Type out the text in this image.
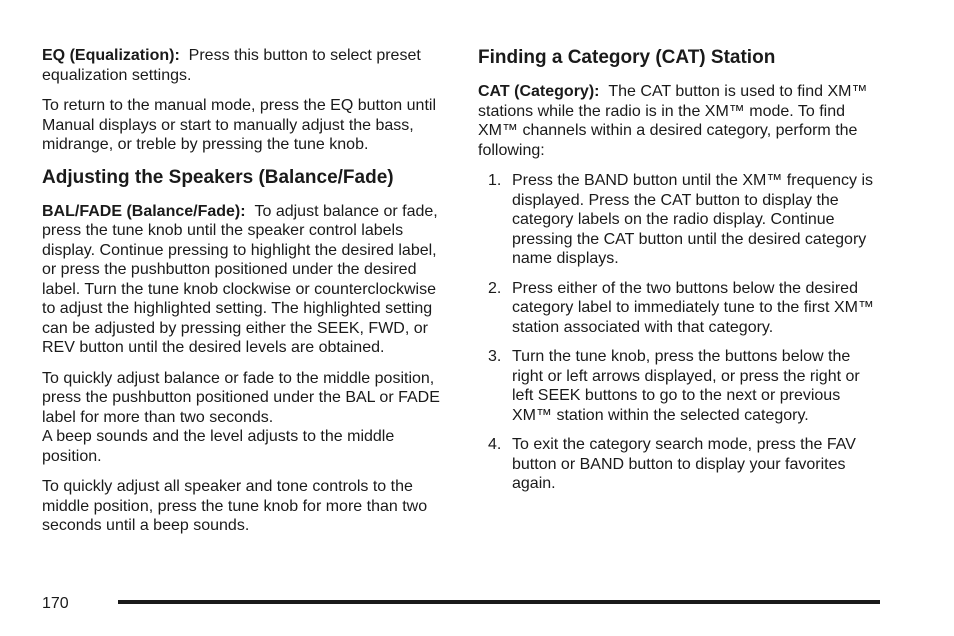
EQ (Equalization): Press this button to select preset equalization settings.

To return to the manual mode, press the EQ button until Manual displays or start to manually adjust the bass, midrange, or treble by pressing the tune knob.

Adjusting the Speakers (Balance/Fade)

BAL/FADE (Balance/Fade): To adjust balance or fade, press the tune knob until the speaker control labels display. Continue pressing to highlight the desired label, or press the pushbutton positioned under the desired label. Turn the tune knob clockwise or counterclockwise to adjust the highlighted setting. The highlighted setting can be adjusted by pressing either the SEEK, FWD, or REV button until the desired levels are obtained.

To quickly adjust balance or fade to the middle position, press the pushbutton positioned under the BAL or FADE label for more than two seconds.
A beep sounds and the level adjusts to the middle position.

To quickly adjust all speaker and tone controls to the middle position, press the tune knob for more than two seconds until a beep sounds.

Finding a Category (CAT) Station

CAT (Category): The CAT button is used to find XM™ stations while the radio is in the XM™ mode. To find XM™ channels within a desired category, perform the following:

1. Press the BAND button until the XM™ frequency is displayed. Press the CAT button to display the category labels on the radio display. Continue pressing the CAT button until the desired category name displays.
2. Press either of the two buttons below the desired category label to immediately tune to the first XM™ station associated with that category.
3. Turn the tune knob, press the buttons below the right or left arrows displayed, or press the right or left SEEK buttons to go to the next or previous XM™ station within the selected category.
4. To exit the category search mode, press the FAV button or BAND button to display your favorites again.
170
